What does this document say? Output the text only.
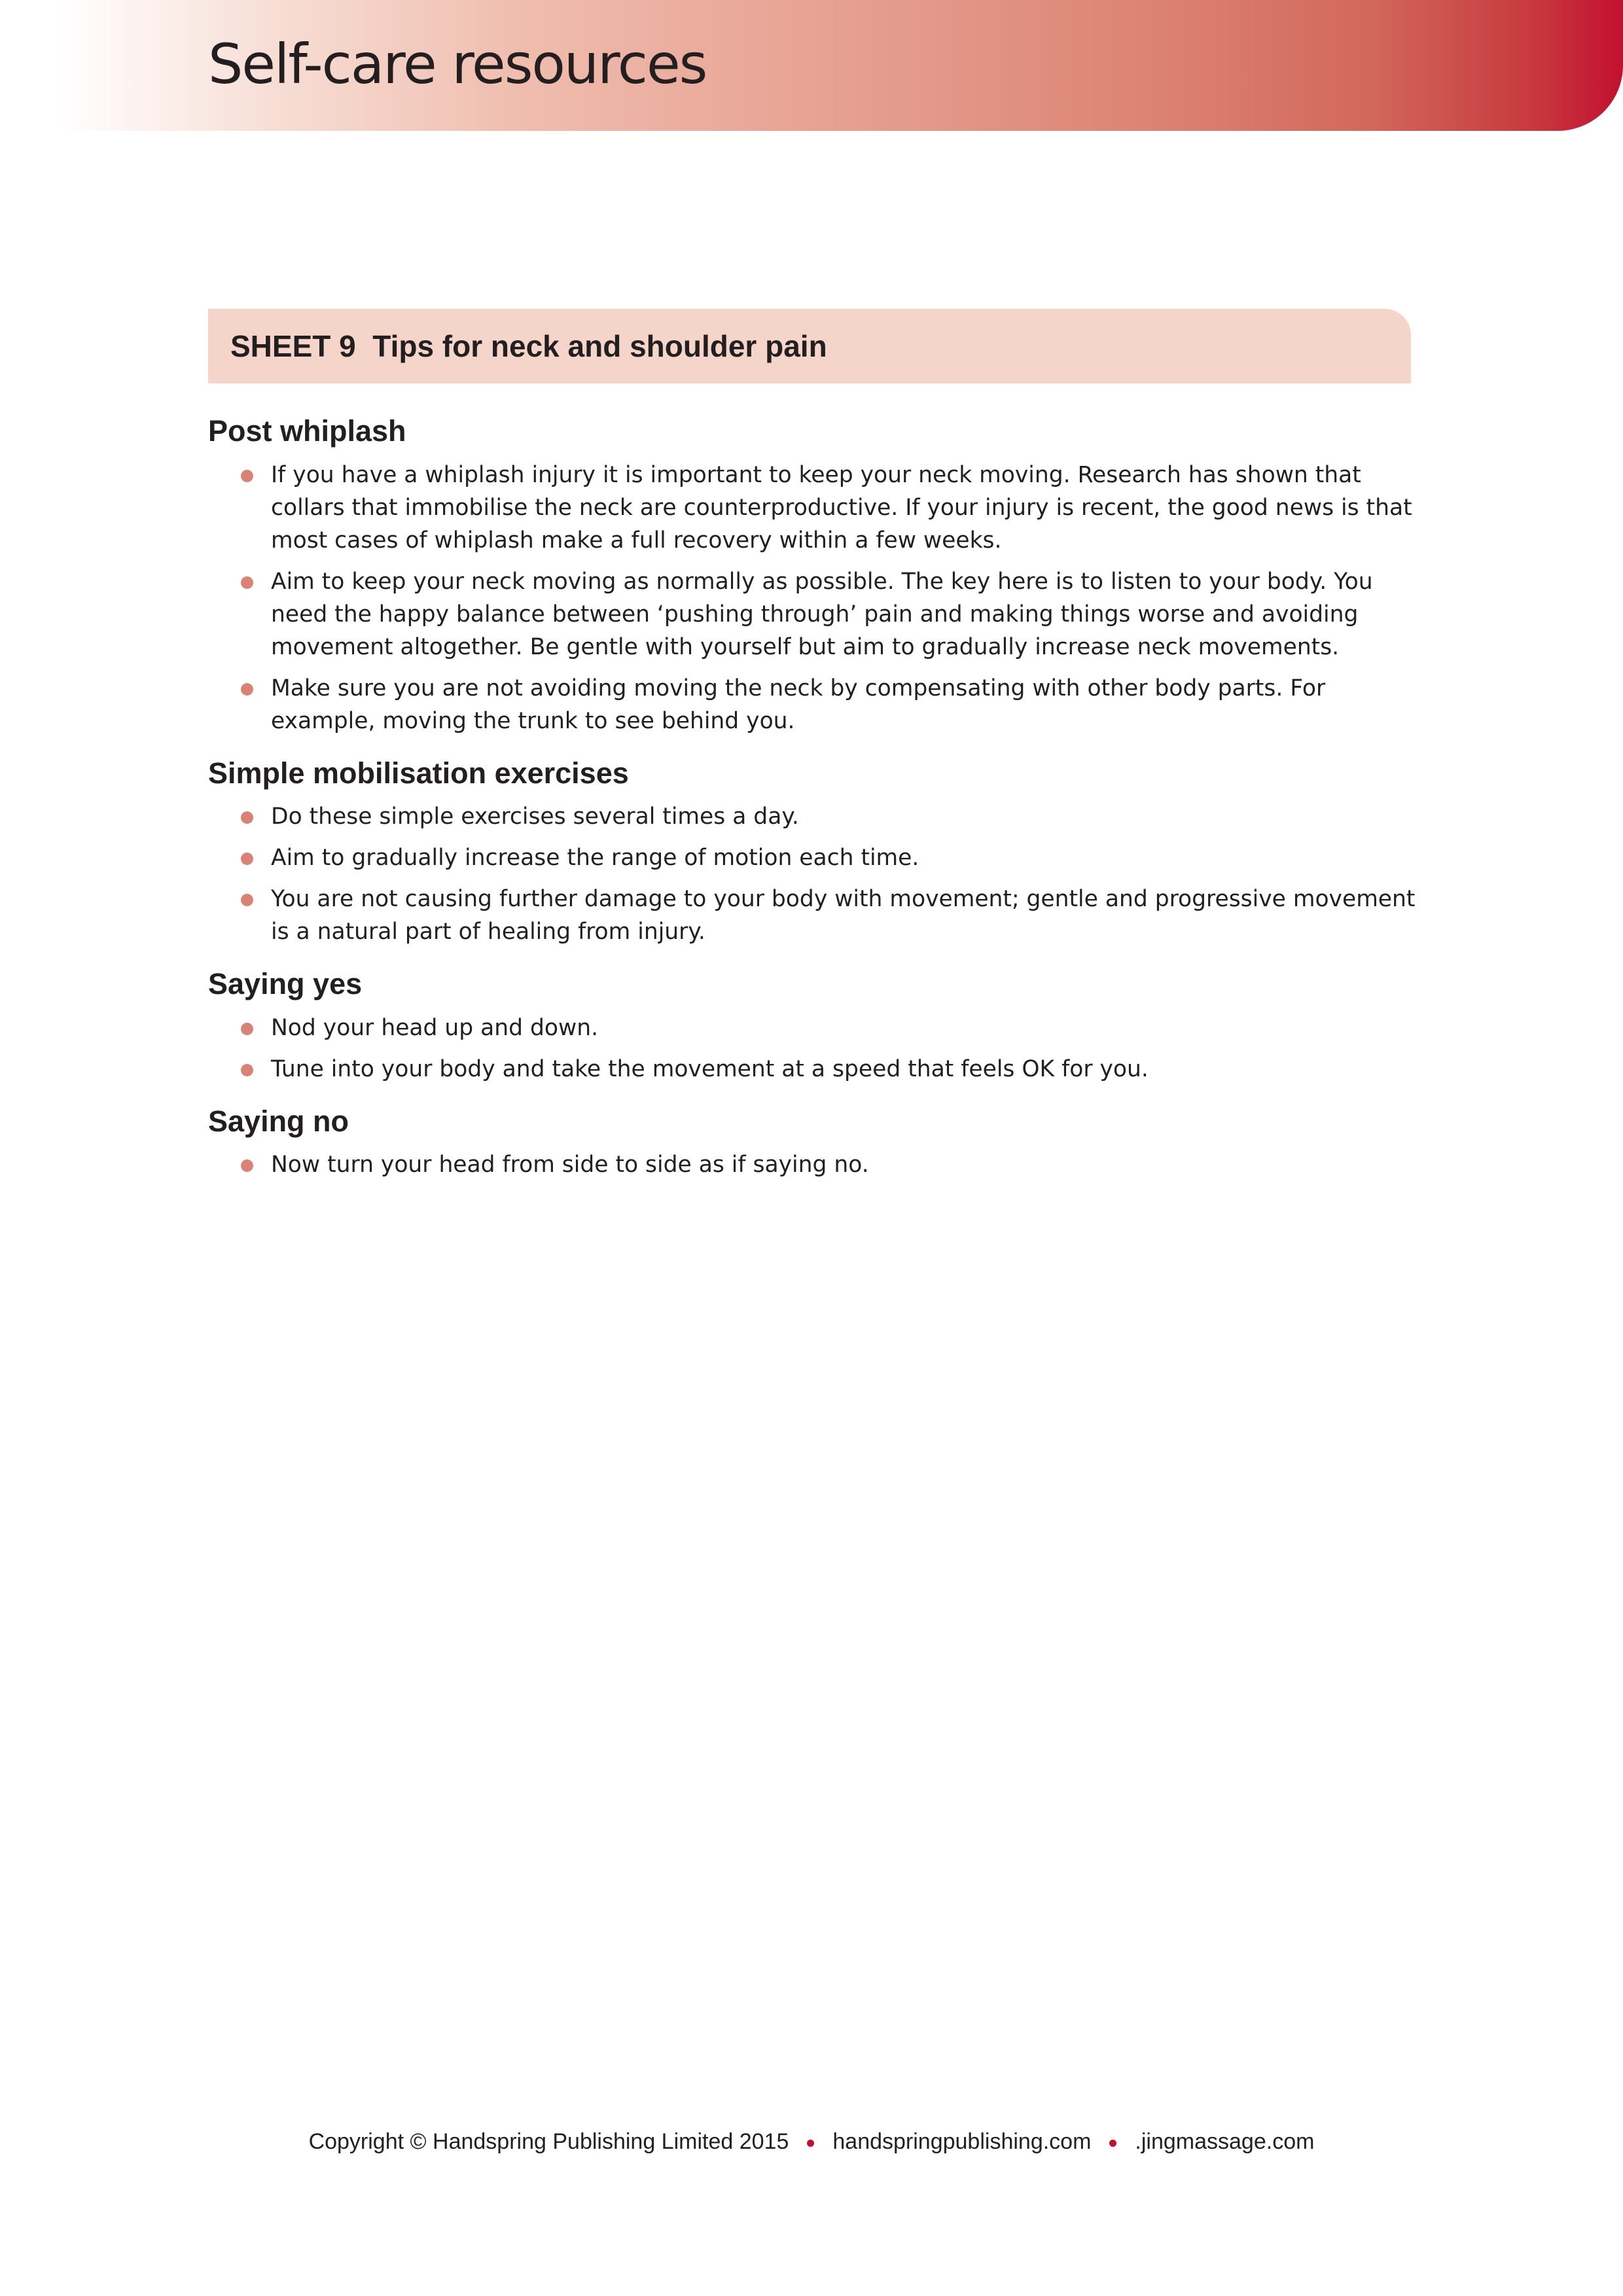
Self-care resources
SHEET 9
Tips for neck and shoulder pain
Post whiplash
If you have a whiplash injury it is important to keep your neck moving. Research has shown that collars that immobilise the neck are counterproductive. If your injury is recent, the good news is that most cases of whiplash make a full recovery within a few weeks.
Aim to keep your neck moving as normally as possible. The key here is to listen to your body. You need the happy balance between ‘pushing through’ pain and making things worse and avoiding movement altogether. Be gentle with yourself but aim to gradually increase neck movements.
Make sure you are not avoiding moving the neck by compensating with other body parts. For example, moving the trunk to see behind you.
Simple mobilisation exercises
Do these simple exercises several times a day.
Aim to gradually increase the range of motion each time.
You are not causing further damage to your body with movement; gentle and progressive movement is a natural part of healing from injury.
Saying yes
Nod your head up and down.
Tune into your body and take the movement at a speed that feels OK for you.
Saying no
Now turn your head from side to side as if saying no.
Copyright © Handspring Publishing Limited 2015 handspringpublishing.com .jingmassage.com
